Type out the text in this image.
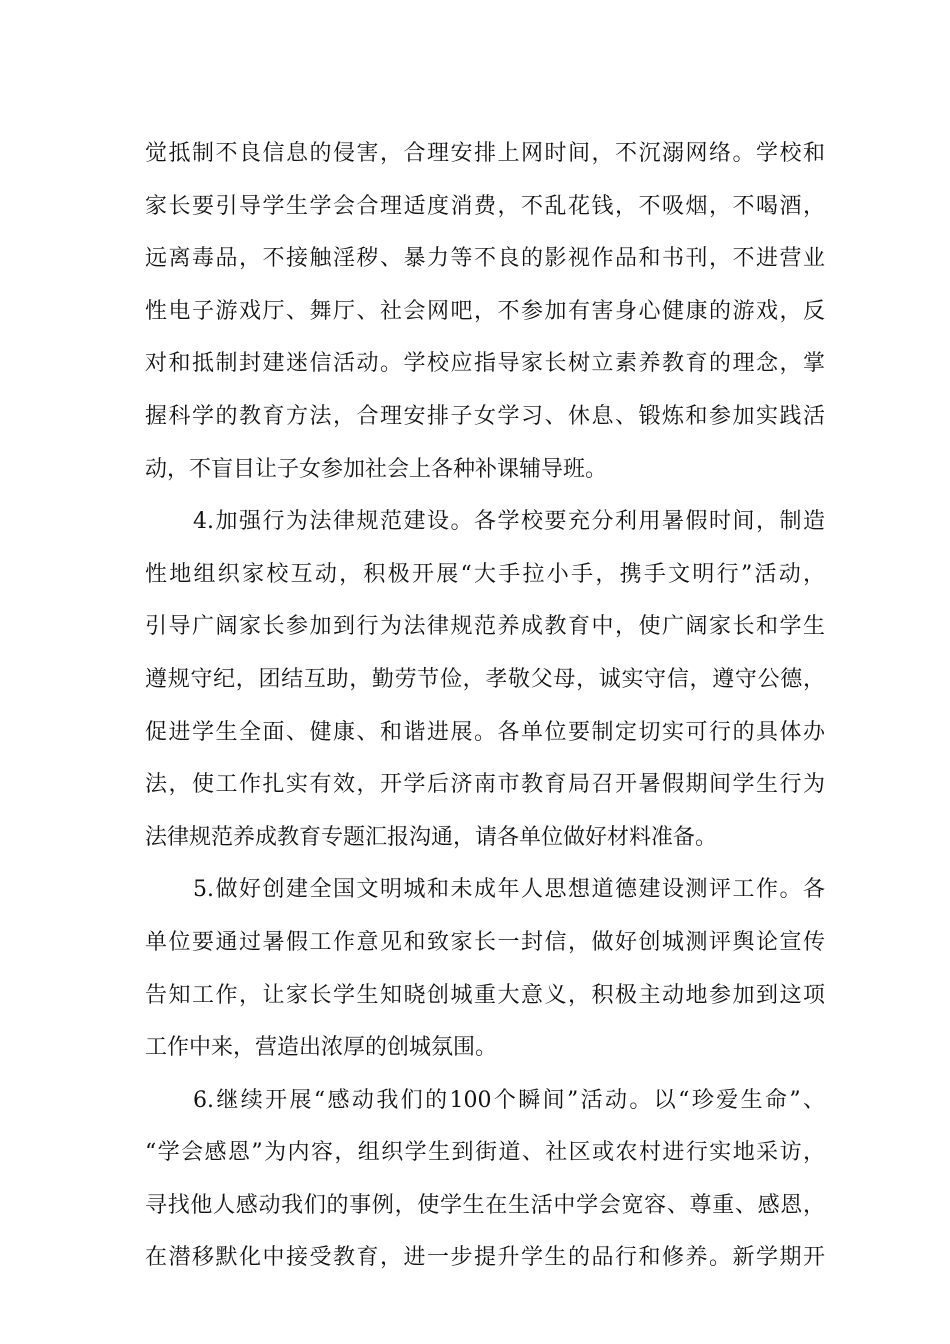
觉抵制不良信息的侵害，合理安排上网时间，不沉溺网络。学校和
家长要引导学生学会合理适度消费，不乱花钱，不吸烟，不喝酒，
远离毒品，不接触淫秽、暴力等不良的影视作品和书刊，不进营业
性电子游戏厅、舞厅、社会网吧，不参加有害身心健康的游戏，反
对和抵制封建迷信活动。学校应指导家长树立素养教育的理念，掌
握科学的教育方法，合理安排子女学习、休息、锻炼和参加实践活
动，不盲目让子女参加社会上各种补课辅导班。
4.加强行为法律规范建设。各学校要充分利用暑假时间，制造
性地组织家校互动，积极开展“大手拉小手，携手文明行”活动，
引导广阔家长参加到行为法律规范养成教育中，使广阔家长和学生
遵规守纪，团结互助，勤劳节俭，孝敬父母，诚实守信，遵守公德，
促进学生全面、健康、和谐进展。各单位要制定切实可行的具体办
法，使工作扎实有效，开学后济南市教育局召开暑假期间学生行为
法律规范养成教育专题汇报沟通，请各单位做好材料准备。
5.做好创建全国文明城和未成年人思想道德建设测评工作。各
单位要通过暑假工作意见和致家长一封信，做好创城测评舆论宣传
告知工作，让家长学生知晓创城重大意义，积极主动地参加到这项
工作中来，营造出浓厚的创城氛围。
6.继续开展“感动我们的100个瞬间”活动。以“珍爱生命”、
“学会感恩”为内容，组织学生到街道、社区或农村进行实地采访，
寻找他人感动我们的事例，使学生在生活中学会宽容、尊重、感恩，
在潜移默化中接受教育，进一步提升学生的品行和修养。新学期开
